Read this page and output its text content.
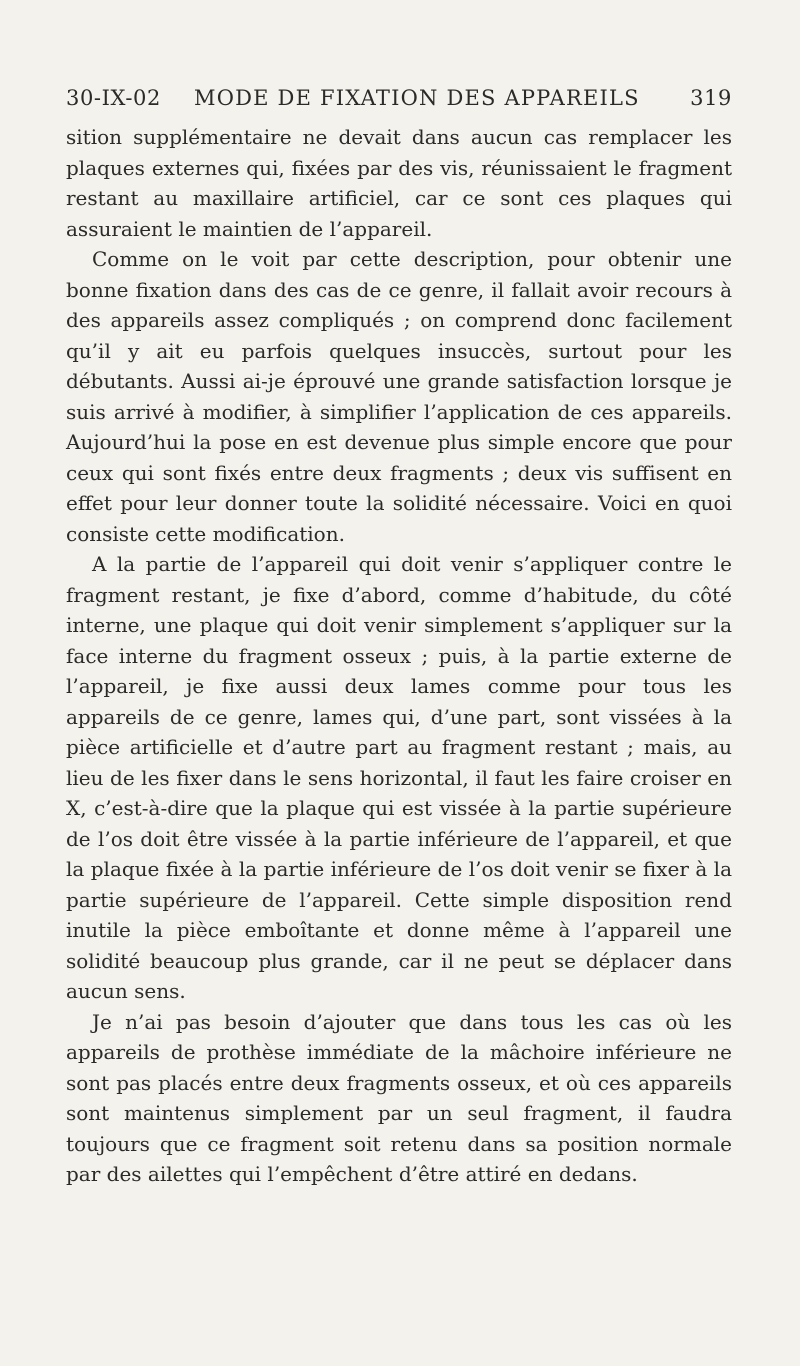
30-IX-02 MODE DE FIXATION DES APPAREILS 319

sition supplémentaire ne devait dans aucun cas remplacer les plaques externes qui, fixées par des vis, réunissaient le fragment restant au maxillaire artificiel, car ce sont ces plaques qui assuraient le maintien de l’appareil.

Comme on le voit par cette description, pour obtenir une bonne fixation dans des cas de ce genre, il fallait avoir recours à des appareils assez compliqués ; on comprend donc facilement qu’il y ait eu parfois quelques insuccès, surtout pour les débutants. Aussi ai-je éprouvé une grande satisfaction lorsque je suis arrivé à modifier, à simplifier l’application de ces appareils. Aujourd’hui la pose en est devenue plus simple encore que pour ceux qui sont fixés entre deux fragments ; deux vis suffisent en effet pour leur donner toute la solidité nécessaire. Voici en quoi consiste cette modification.

A la partie de l’appareil qui doit venir s’appliquer contre le fragment restant, je fixe d’abord, comme d’habitude, du côté interne, une plaque qui doit venir simplement s’appliquer sur la face interne du fragment osseux ; puis, à la partie externe de l’appareil, je fixe aussi deux lames comme pour tous les appareils de ce genre, lames qui, d’une part, sont vissées à la pièce artificielle et d’autre part au fragment restant ; mais, au lieu de les fixer dans le sens horizontal, il faut les faire croiser en X, c’est-à-dire que la plaque qui est vissée à la partie supérieure de l’os doit être vissée à la partie inférieure de l’appareil, et que la plaque fixée à la partie inférieure de l’os doit venir se fixer à la partie supérieure de l’appareil. Cette simple disposition rend inutile la pièce emboîtante et donne même à l’appareil une solidité beaucoup plus grande, car il ne peut se déplacer dans aucun sens.

Je n’ai pas besoin d’ajouter que dans tous les cas où les appareils de prothèse immédiate de la mâchoire inférieure ne sont pas placés entre deux fragments osseux, et où ces appareils sont maintenus simplement par un seul fragment, il faudra toujours que ce fragment soit retenu dans sa position normale par des ailettes qui l’empêchent d’être attiré en dedans.
